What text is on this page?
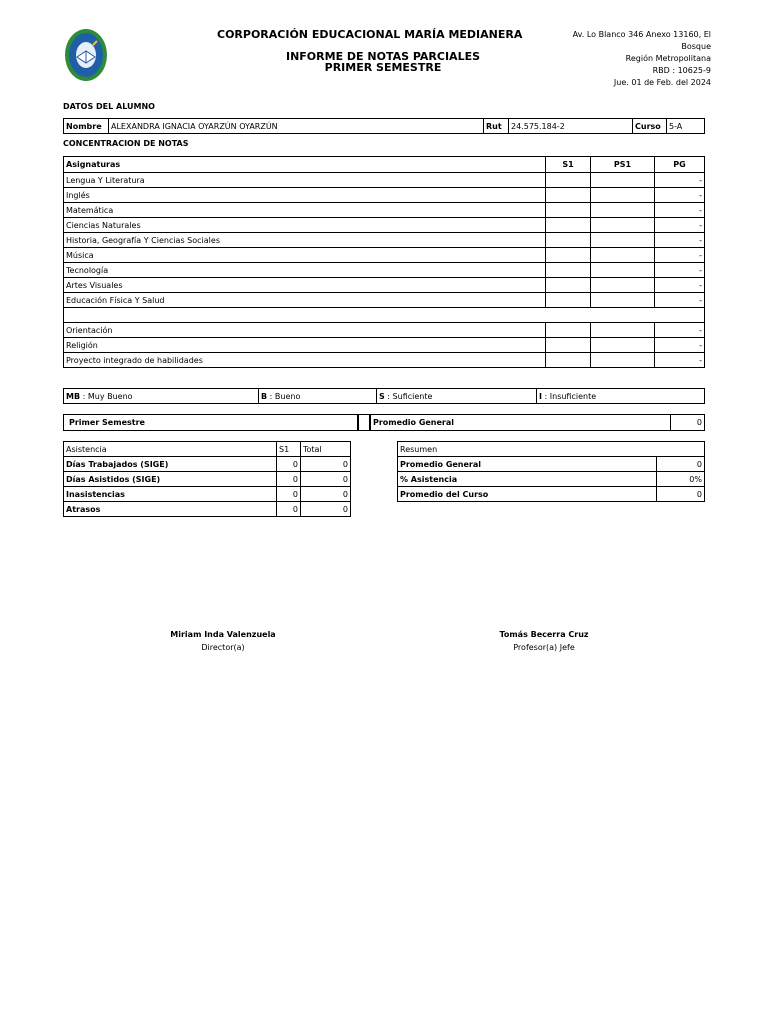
CORPORACIÓN EDUCACIONAL MARÍA MEDIANERA
INFORME DE NOTAS PARCIALES
PRIMER SEMESTRE
Av. Lo Blanco 346 Anexo 13160, El
Bosque
Región Metropolitana
RBD : 10625-9
Jue. 01 de Feb. del 2024
DATOS DEL ALUMNO
Nombre	ALEXANDRA IGNACIA OYARZÚN OYARZÚN	Rut	24.575.184-2	Curso	5-A
CONCENTRACION DE NOTAS
Asignaturas	S1	PS1	PG
Lengua Y Literatura			-
Inglés			-
Matemática			-
Ciencias Naturales			-
Historia, Geografía Y Ciencias Sociales			-
Música			-
Tecnología			-
Artes Visuales			-
Educación Física Y Salud			-

Orientación			-
Religión			-
Proyecto integrado de habilidades			-
MB : Muy Bueno	B : Bueno	S : Suficiente	I : Insuficiente
Primer Semestre	Promedio General	0
Asistencia	S1	Total
Días Trabajados (SIGE)	0	0
Días Asistidos (SIGE)	0	0
Inasistencias	0	0
Atrasos	0	0
Resumen	
Promedio General	0
% Asistencia	0%
Promedio del Curso	0
Miriam Inda Valenzuela
Director(a)
Tomás Becerra Cruz
Profesor(a) Jefe
